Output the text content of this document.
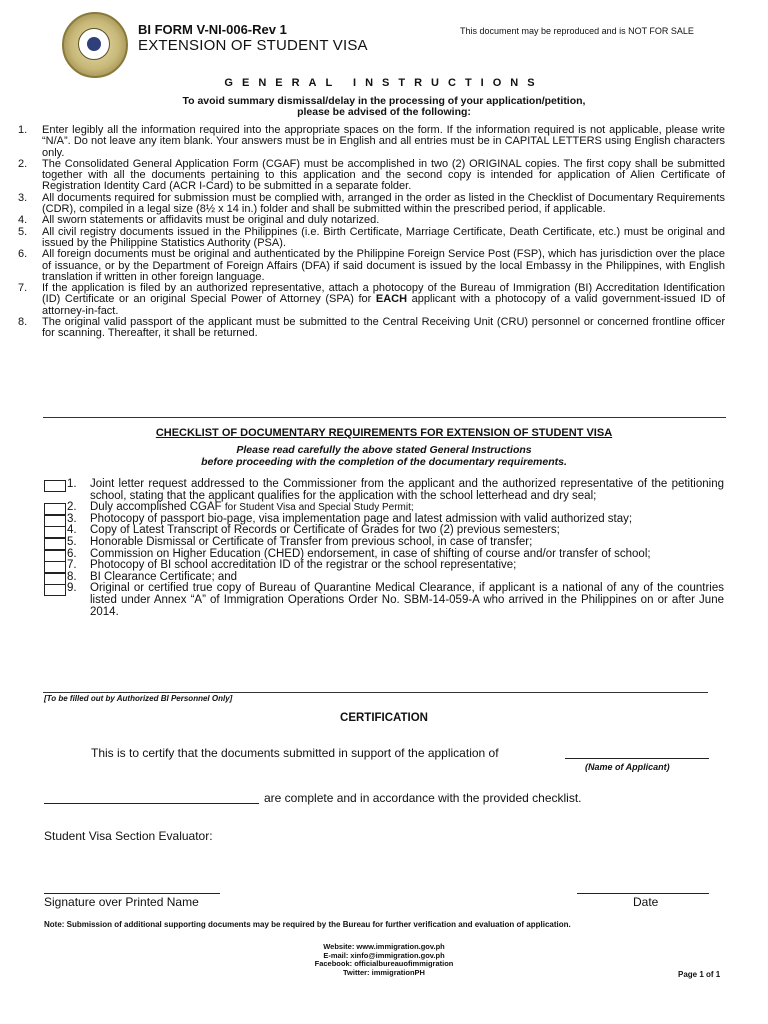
BI FORM V-NI-006-Rev 1
EXTENSION OF STUDENT VISA
This document may be reproduced and is NOT FOR SALE
GENERAL INSTRUCTIONS
To avoid summary dismissal/delay in the processing of your application/petition,
please be advised of the following:
1. Enter legibly all the information required into the appropriate spaces on the form. If the information required is not applicable, please write “N/A”. Do not leave any item blank. Your answers must be in English and all entries must be in CAPITAL LETTERS using English characters only.
2. The Consolidated General Application Form (CGAF) must be accomplished in two (2) ORIGINAL copies. The first copy shall be submitted together with all the documents pertaining to this application and the second copy is intended for application of Alien Certificate of Registration Identity Card (ACR I-Card) to be submitted in a separate folder.
3. All documents required for submission must be complied with, arranged in the order as listed in the Checklist of Documentary Requirements (CDR), compiled in a legal size (8½ x 14 in.) folder and shall be submitted within the prescribed period, if applicable.
4. All sworn statements or affidavits must be original and duly notarized.
5. All civil registry documents issued in the Philippines (i.e. Birth Certificate, Marriage Certificate, Death Certificate, etc.) must be original and issued by the Philippine Statistics Authority (PSA).
6. All foreign documents must be original and authenticated by the Philippine Foreign Service Post (FSP), which has jurisdiction over the place of issuance, or by the Department of Foreign Affairs (DFA) if said document is issued by the local Embassy in the Philippines, with English translation if written in other foreign language.
7. If the application is filed by an authorized representative, attach a photocopy of the Bureau of Immigration (BI) Accreditation Identification (ID) Certificate or an original Special Power of Attorney (SPA) for EACH applicant with a photocopy of a valid government-issued ID of attorney-in-fact.
8. The original valid passport of the applicant must be submitted to the Central Receiving Unit (CRU) personnel or concerned frontline officer for scanning. Thereafter, it shall be returned.
CHECKLIST OF DOCUMENTARY REQUIREMENTS FOR EXTENSION OF STUDENT VISA
Please read carefully the above stated General Instructions
before proceeding with the completion of the documentary requirements.
1. Joint letter request addressed to the Commissioner from the applicant and the authorized representative of the petitioning school, stating that the applicant qualifies for the application with the school letterhead and dry seal;
2. Duly accomplished CGAF for Student Visa and Special Study Permit;
3. Photocopy of passport bio-page, visa implementation page and latest admission with valid authorized stay;
4. Copy of Latest Transcript of Records or Certificate of Grades for two (2) previous semesters;
5. Honorable Dismissal or Certificate of Transfer from previous school, in case of transfer;
6. Commission on Higher Education (CHED) endorsement, in case of shifting of course and/or transfer of school;
7. Photocopy of BI school accreditation ID of the registrar or the school representative;
8. BI Clearance Certificate; and
9. Original or certified true copy of Bureau of Quarantine Medical Clearance, if applicant is a national of any of the countries listed under Annex “A” of Immigration Operations Order No. SBM-14-059-A who arrived in the Philippines on or after June 2014.
[To be filled out by Authorized BI Personnel Only]
CERTIFICATION
This is to certify that the documents submitted in support of the application of
(Name of Applicant)
are complete and in accordance with the provided checklist.
Student Visa Section Evaluator:
Signature over Printed Name	Date
Note: Submission of additional supporting documents may be required by the Bureau for further verification and evaluation of application.
Website: www.immigration.gov.ph
E-mail: xinfo@immigration.gov.ph
Facebook: officialbureauofimmigration
Twitter: immigrationPH	Page 1 of 1
